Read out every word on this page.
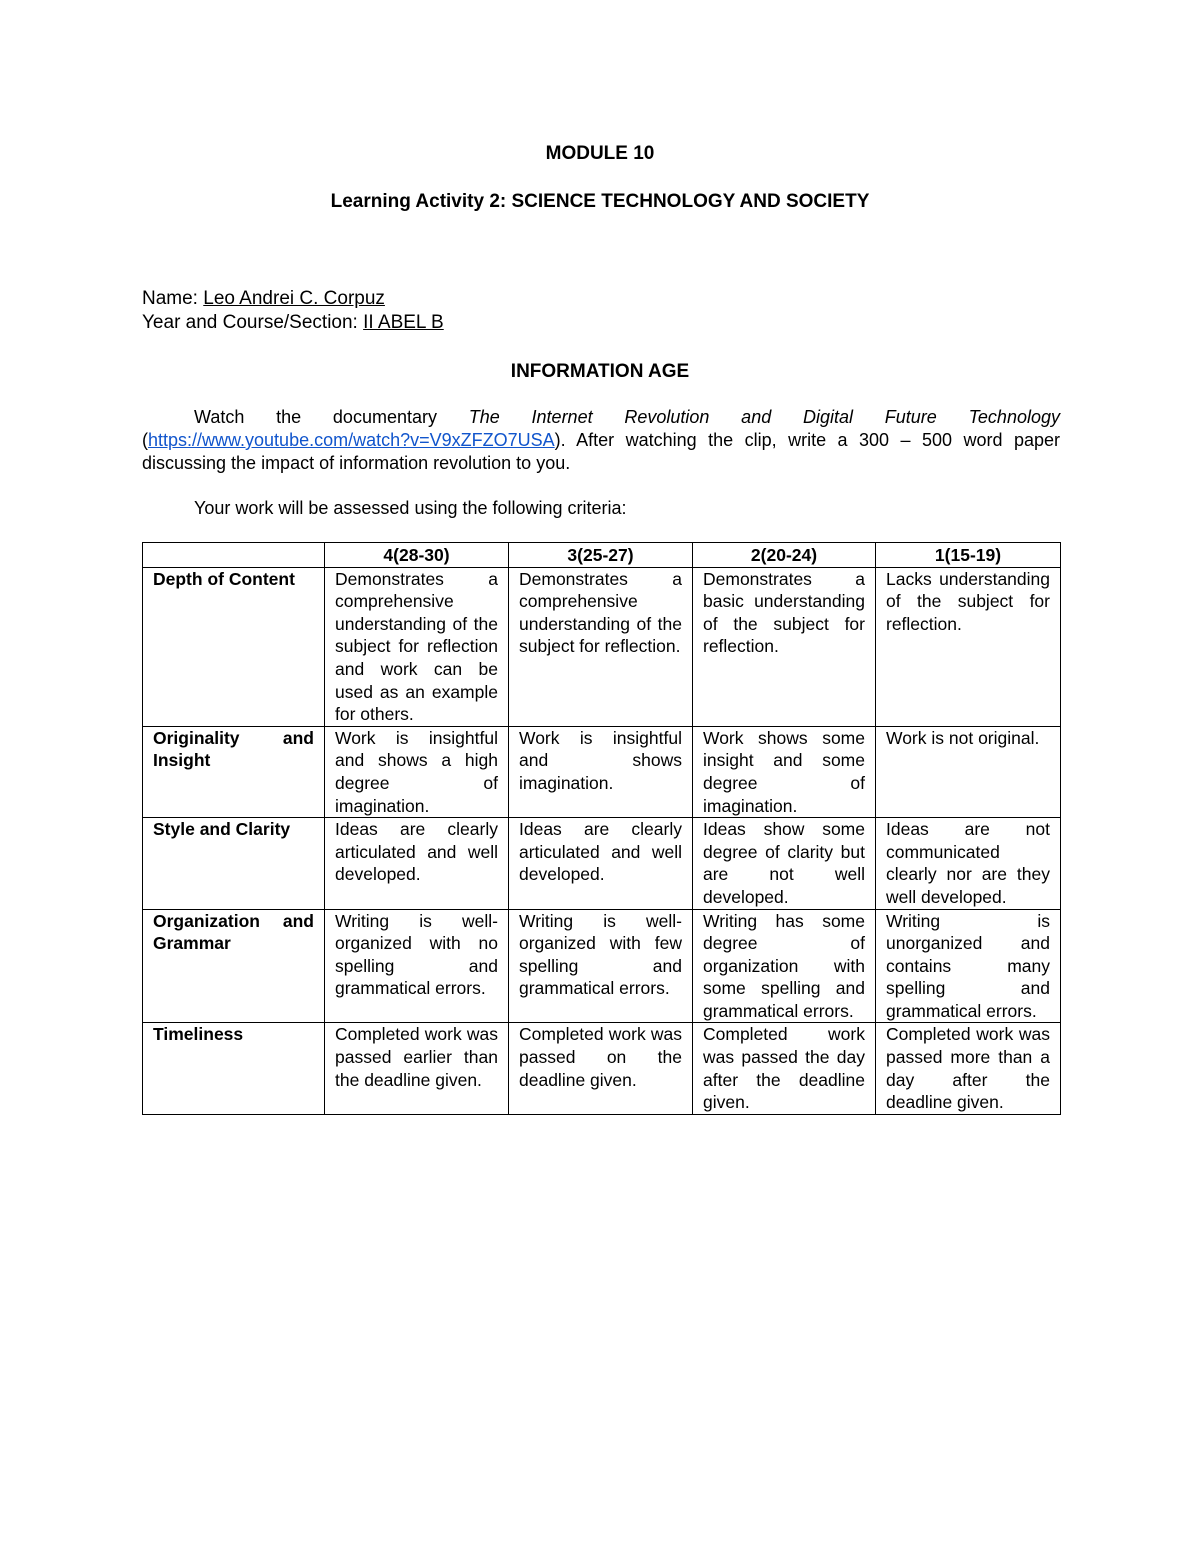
MODULE 10
Learning Activity 2: SCIENCE TECHNOLOGY AND SOCIETY
Name: Leo Andrei C. Corpuz
Year and Course/Section: II ABEL B
INFORMATION AGE
Watch the documentary The Internet Revolution and Digital Future Technology (https://www.youtube.com/watch?v=V9xZFZO7USA). After watching the clip, write a 300 – 500 word paper discussing the impact of information revolution to you.
Your work will be assessed using the following criteria:
	4(28-30)	3(25-27)	2(20-24)	1(15-19)
Depth of Content	Demonstrates a comprehensive understanding of the subject for reflection and work can be used as an example for others.	Demonstrates a comprehensive understanding of the subject for reflection.	Demonstrates a basic understanding of the subject for reflection.	Lacks understanding of the subject for reflection.
Originality and Insight	Work is insightful and shows a high degree of imagination.	Work is insightful and shows imagination.	Work shows some insight and some degree of imagination.	Work is not original.
Style and Clarity	Ideas are clearly articulated and well developed.	Ideas are clearly articulated and well developed.	Ideas show some degree of clarity but are not well developed.	Ideas are not communicated clearly nor are they well developed.
Organization and Grammar	Writing is well-organized with no spelling and grammatical errors.	Writing is well-organized with few spelling and grammatical errors.	Writing has some degree of organization with some spelling and grammatical errors.	Writing is unorganized and contains many spelling and grammatical errors.
Timeliness	Completed work was passed earlier than the deadline given.	Completed work was passed on the deadline given.	Completed work was passed the day after the deadline given.	Completed work was passed more than a day after the deadline given.
